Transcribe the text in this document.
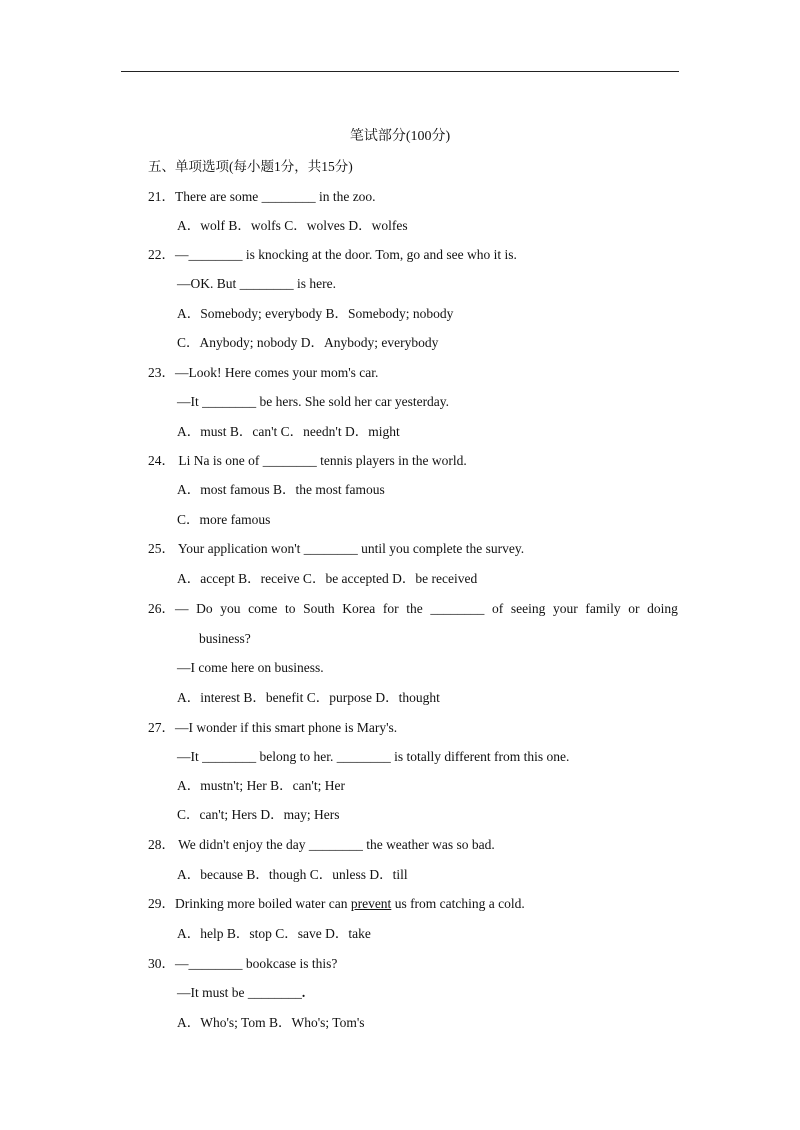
笔试部分(100分)
五、单项选项(每小题1分，共15分)
21．There are some ________ in the zoo.
A．wolf B．wolfs C．wolves D．wolfes
22．—________ is knocking at the door. Tom, go and see who it is.
—OK. But ________ is here.
A．Somebody; everybody B．Somebody; nobody
C．Anybody; nobody D．Anybody; everybody
23．—Look! Here comes your mom's car.
—It ________ be hers. She sold her car yesterday.
A．must B．can't C．needn't D．might
24． Li Na is one of ________ tennis players in the world.
A．most famous B．the most famous
C．more famous
25． Your application won't ________ until you complete the survey.
A．accept B．receive C．be accepted D．be received
26．— Do you come to South Korea for the ________ of seeing your family or doing
business?
—I come here on business.
A．interest B．benefit C．purpose D．thought
27．—I wonder if this smart phone is Mary's.
—It ________ belong to her. ________ is totally different from this one.
A．mustn't; Her B．can't; Her
C．can't; Hers D．may; Hers
28． We didn't enjoy the day ________ the weather was so bad.
A．because B．though C．unless D．till
29．Drinking more boiled water can prevent us from catching a cold.
A．help B．stop C．save D．take
30．—________ bookcase is this?
—It must be ________.
A．Who's; Tom B．Who's; Tom's
